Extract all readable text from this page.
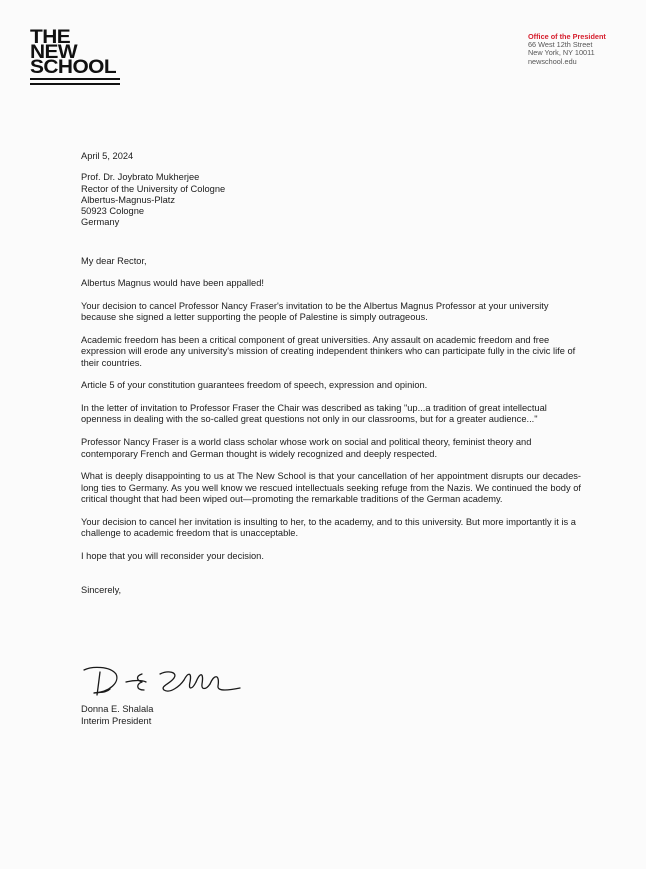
THE
NEW
SCHOOL
Office of the President
66 West 12th Street
New York, NY 10011
newschool.edu

April 5, 2024

Prof. Dr. Joybrato Mukherjee

Rector of the University of Cologne

Albertus-Magnus-Platz

50923 Cologne

Germany

My dear Rector,

Albertus Magnus would have been appalled!

Your decision to cancel Professor Nancy Fraser's invitation to be the Albertus Magnus Professor at your university because she signed a letter supporting the people of Palestine is simply outrageous.

Academic freedom has been a critical component of great universities. Any assault on academic freedom and free expression will erode any university's mission of creating independent thinkers who can participate fully in the civic life of their countries.

Article 5 of your constitution guarantees freedom of speech, expression and opinion.

In the letter of invitation to Professor Fraser the Chair was described as taking "up...a tradition of great intellectual openness in dealing with the so-called great questions not only in our classrooms, but for a greater audience..."

Professor Nancy Fraser is a world class scholar whose work on social and political theory, feminist theory and contemporary French and German thought is widely recognized and deeply respected.

What is deeply disappointing to us at The New School is that your cancellation of her appointment disrupts our decades-long ties to Germany. As you well know we rescued intellectuals seeking refuge from the Nazis. We continued the body of critical thought that had been wiped out—promoting the remarkable traditions of the German academy.

Your decision to cancel her invitation is insulting to her, to the academy, and to this university. But more importantly it is a challenge to academic freedom that is unacceptable.

I hope that you will reconsider your decision.

Sincerely,

Donna E. Shalala
Interim President
